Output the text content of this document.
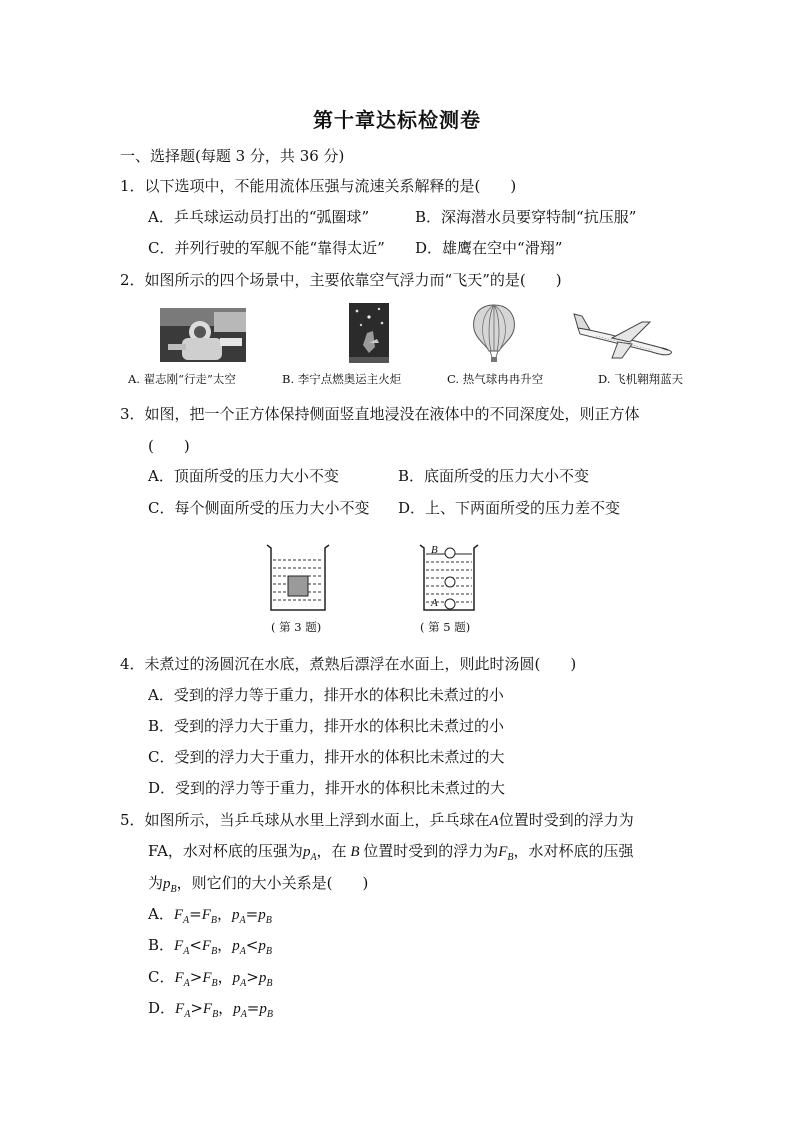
第十章达标检测卷
一、选择题(每题 3 分，共 36 分)
1．以下选项中，不能用流体压强与流速关系解释的是(　　)
A．乒乓球运动员打出的“弧圈球”	B．深海潜水员要穿特制“抗压服”
C．并列行驶的军舰不能“靠得太近” D．雄鹰在空中“滑翔”
2．如图所示的四个场景中，主要依靠空气浮力而“飞天”的是(　　)
A. 翟志刚“行走”太空	B. 李宁点燃奥运主火炬	C. 热气球冉冉升空	D. 飞机翱翔蓝天
3．如图，把一个正方体保持侧面竖直地浸没在液体中的不同深度处，则正方体
(　　)
A．顶面所受的压力大小不变	B．底面所受的压力大小不变
C．每个侧面所受的压力大小不变 D．上、下两面所受的压力差不变
B
A
( 第 3 题)	( 第 5 题)
4．未煮过的汤圆沉在水底，煮熟后漂浮在水面上，则此时汤圆(　　)
A．受到的浮力等于重力，排开水的体积比未煮过的小
B．受到的浮力大于重力，排开水的体积比未煮过的小
C．受到的浮力大于重力，排开水的体积比未煮过的大
D．受到的浮力等于重力，排开水的体积比未煮过的大
5．如图所示，当乒乓球从水里上浮到水面上，乒乓球在A位置时受到的浮力为
FA，水对杯底的压强为$p_A$，在 B 位置时受到的浮力为$F_B$，水对杯底的压强
为$p_B$，则它们的大小关系是(　　)
A．$F_A=F_B$，$p_A=p_B$
B．$F_A<F_B$，$p_A<p_B$
C．$F_A>F_B$，$p_A>p_B$
D．$F_A>F_B$，$p_A=p_B$
